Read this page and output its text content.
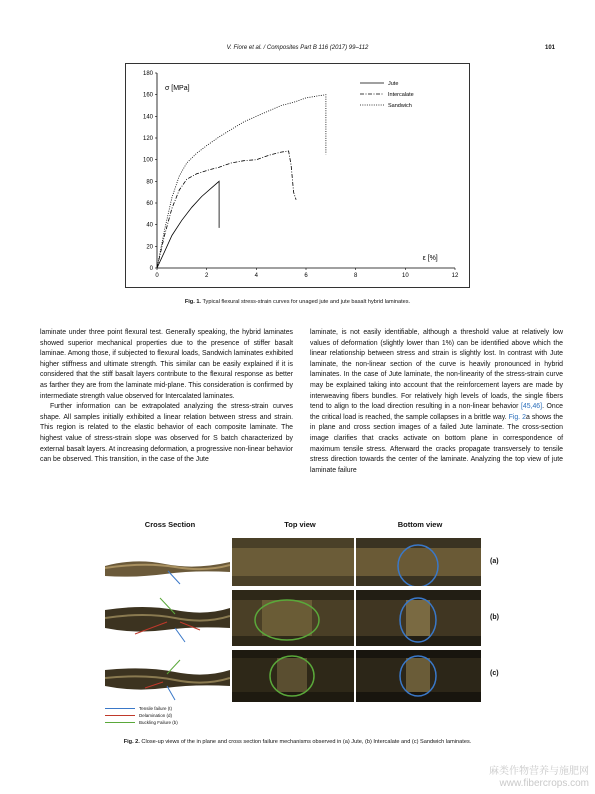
V. Fiore et al. / Composites Part B 116 (2017) 99–112	101
0
20
40
60
80
100
120
140
160
180
0	2	4	6	8	10	12
σ [MPa]
ε [%]
Jute
Intercalate
Sandwich
Fig. 1. Typical flexural stress-strain curves for unaged jute and jute basalt hybrid laminates.

laminate under three point flexural test. Generally speaking, the hybrid laminates showed superior mechanical properties due to the presence of stiffer basalt laminae. Among those, if subjected to flexural loads, Sandwich laminates exhibited higher stiffness and ultimate strength. This similar can be easily explained if it is considered that the stiff basalt layers contribute to the flexural response as better as farther they are from the laminate mid-plane. This consideration is confirmed by intermediate strength value observed for Intercalated laminates.

Further information can be extrapolated analyzing the stress-strain curves shape. All samples initially exhibited a linear relation between stress and strain. This region is related to the elastic behavior of each composite laminate. The highest value of stress-strain slope was observed for S batch characterized by external basalt layers. At increasing deformation, a progressive non-linear behavior can be observed. This transition, in the case of the Jute

laminate, is not easily identifiable, although a threshold value at relatively low values of deformation (slightly lower than 1%) can be identified above which the linear relationship between stress and strain is slightly lost. In contrast with Jute laminate, the non-linear section of the curve is heavily pronounced in hybrid laminates. In the case of Jute laminate, the non-linearity of the stress-strain curve may be explained taking into account that the reinforcement layers are made by interweaving fibers bundles. For relatively high levels of loads, the single fibers tend to align to the load direction resulting in a non-linear behavior [45,46]. Once the critical load is reached, the sample collapses in a brittle way. Fig. 2a shows the in plane and cross section images of a failed Jute laminate. The cross-section image clarifies that cracks activate on bottom plane in correspondence of maximum tensile stress. Afterward the cracks propagate transversely to tensile stress direction towards the center of the laminate. Analyzing the top view of jute laminate failure

Cross Section	Top view	Bottom view
(a)
(b)
(c)
Tensile failure (t)
Delamination (d)
Buckling Failure (b)
Fig. 2. Close-up views of the in plane and cross section failure mechanisms observed in (a) Jute, (b) Intercalate and (c) Sandwich laminates.
麻类作物营养与施肥网
www.fibercrops.com
